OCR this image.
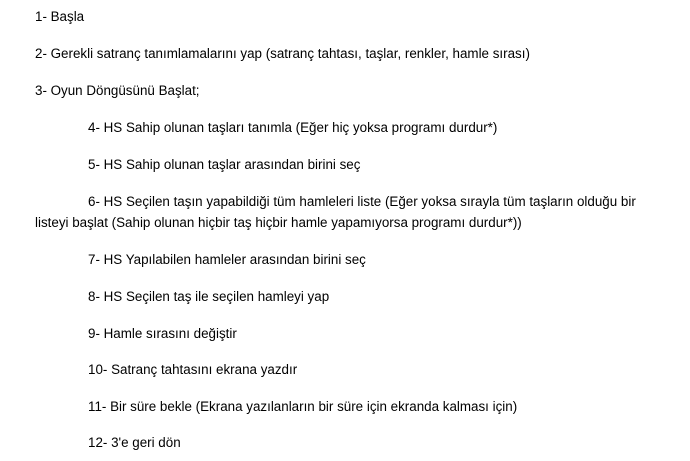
1- Başla
2- Gerekli satranç tanımlamalarını yap (satranç tahtası, taşlar, renkler, hamle sırası)
3- Oyun Döngüsünü Başlat;
4- HS Sahip olunan taşları tanımla (Eğer hiç yoksa programı durdur*)
5- HS Sahip olunan taşlar arasından birini seç
6- HS Seçilen taşın yapabildiği tüm hamleleri liste (Eğer yoksa sırayla tüm taşların olduğu bir
listeyi başlat (Sahip olunan hiçbir taş hiçbir hamle yapamıyorsa programı durdur*))
7- HS Yapılabilen hamleler arasından birini seç
8- HS Seçilen taş ile seçilen hamleyi yap
9- Hamle sırasını değiştir
10- Satranç tahtasını ekrana yazdır
11- Bir süre bekle (Ekrana yazılanların bir süre için ekranda kalması için)
12- 3'e geri dön
